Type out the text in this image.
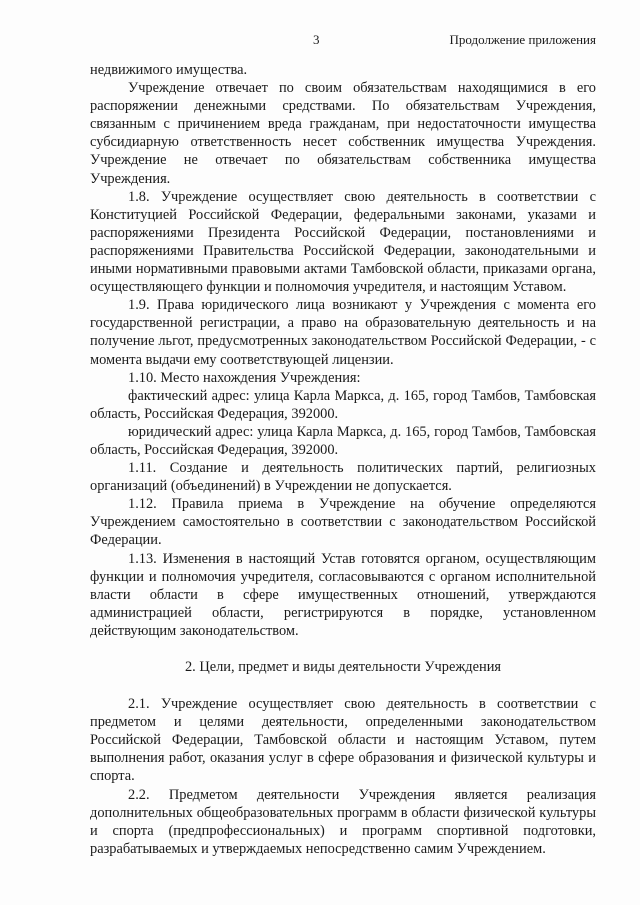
3	Продолжение приложения

недвижимого имущества.

Учреждение отвечает по своим обязательствам находящимися в его распоряжении денежными средствами. По обязательствам Учреждения, связанным с причинением вреда гражданам, при недостаточности имущества субсидиарную ответственность несет собственник имущества Учреждения. Учреждение не отвечает по обязательствам собственника имущества Учреждения.

1.8. Учреждение осуществляет свою деятельность в соответствии с Конституцией Российской Федерации, федеральными законами, указами и распоряжениями Президента Российской Федерации, постановлениями и распоряжениями Правительства Российской Федерации, законодательными и иными нормативными правовыми актами Тамбовской области, приказами органа, осуществляющего функции и полномочия учредителя, и настоящим Уставом.

1.9. Права юридического лица возникают у Учреждения с момента его государственной регистрации, а право на образовательную деятельность и на получение льгот, предусмотренных законодательством Российской Федерации, - с момента выдачи ему соответствующей лицензии.

1.10. Место нахождения Учреждения:

фактический адрес: улица Карла Маркса, д. 165, город Тамбов, Тамбовская область, Российская Федерация, 392000.

юридический адрес: улица Карла Маркса, д. 165, город Тамбов, Тамбовская область, Российская Федерация, 392000.

1.11. Создание и деятельность политических партий, религиозных организаций (объединений) в Учреждении не допускается.

1.12. Правила приема в Учреждение на обучение определяются Учреждением самостоятельно в соответствии с законодательством Российской Федерации.

1.13. Изменения в настоящий Устав готовятся органом, осуществляющим функции и полномочия учредителя, согласовываются с органом исполнительной власти области в сфере имущественных отношений, утверждаются администрацией области, регистрируются в порядке, установленном действующим законодательством.

2. Цели, предмет и виды деятельности Учреждения

2.1. Учреждение осуществляет свою деятельность в соответствии с предметом и целями деятельности, определенными законодательством Российской Федерации, Тамбовской области и настоящим Уставом, путем выполнения работ, оказания услуг в сфере образования и физической культуры и спорта.

2.2. Предметом деятельности Учреждения является реализация дополнительных общеобразовательных программ в области физической культуры и спорта (предпрофессиональных) и программ спортивной подготовки, разрабатываемых и утверждаемых непосредственно самим Учреждением.
